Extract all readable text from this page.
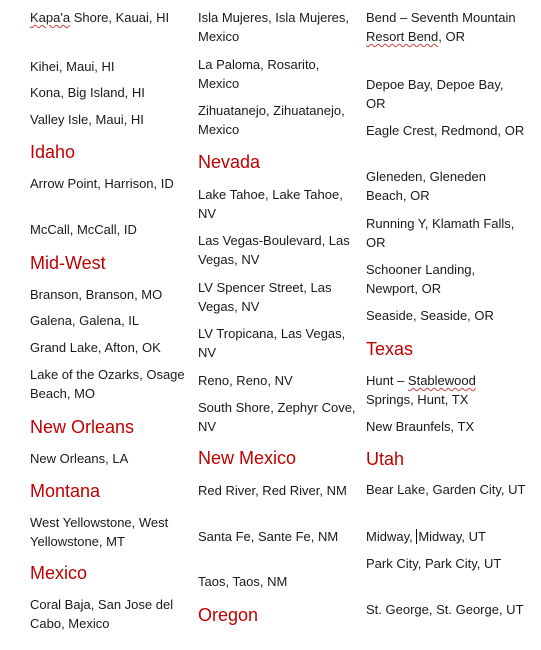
Kapa'a Shore, Kauai, HI
Kihei, Maui, HI
Kona, Big Island, HI
Valley Isle, Maui, HI
Idaho
Arrow Point, Harrison, ID
McCall, McCall, ID
Mid-West
Branson, Branson, MO
Galena, Galena, IL
Grand Lake, Afton, OK
Lake of the Ozarks, Osage Beach, MO
New Orleans
New Orleans, LA
Montana
West Yellowstone, West Yellowstone, MT
Mexico
Coral Baja, San Jose del Cabo, Mexico
Isla Mujeres, Isla Mujeres, Mexico
La Paloma, Rosarito, Mexico
Zihuatanejo, Zihuatanejo, Mexico
Nevada
Lake Tahoe, Lake Tahoe, NV
Las Vegas-Boulevard, Las Vegas, NV
LV Spencer Street, Las Vegas, NV
LV Tropicana, Las Vegas, NV
Reno, Reno, NV
South Shore, Zephyr Cove, NV
New Mexico
Red River, Red River, NM
Santa Fe, Sante Fe, NM
Taos, Taos, NM
Oregon
Bend – Seventh Mountain Resort Bend, OR
Depoe Bay, Depoe Bay, OR
Eagle Crest, Redmond, OR
Gleneden, Gleneden Beach, OR
Running Y, Klamath Falls, OR
Schooner Landing, Newport, OR
Seaside, Seaside, OR
Texas
Hunt – Stablewood Springs, Hunt, TX
New Braunfels, TX
Utah
Bear Lake, Garden City, UT
Midway, Midway, UT
Park City, Park City, UT
St. George, St. George, UT
